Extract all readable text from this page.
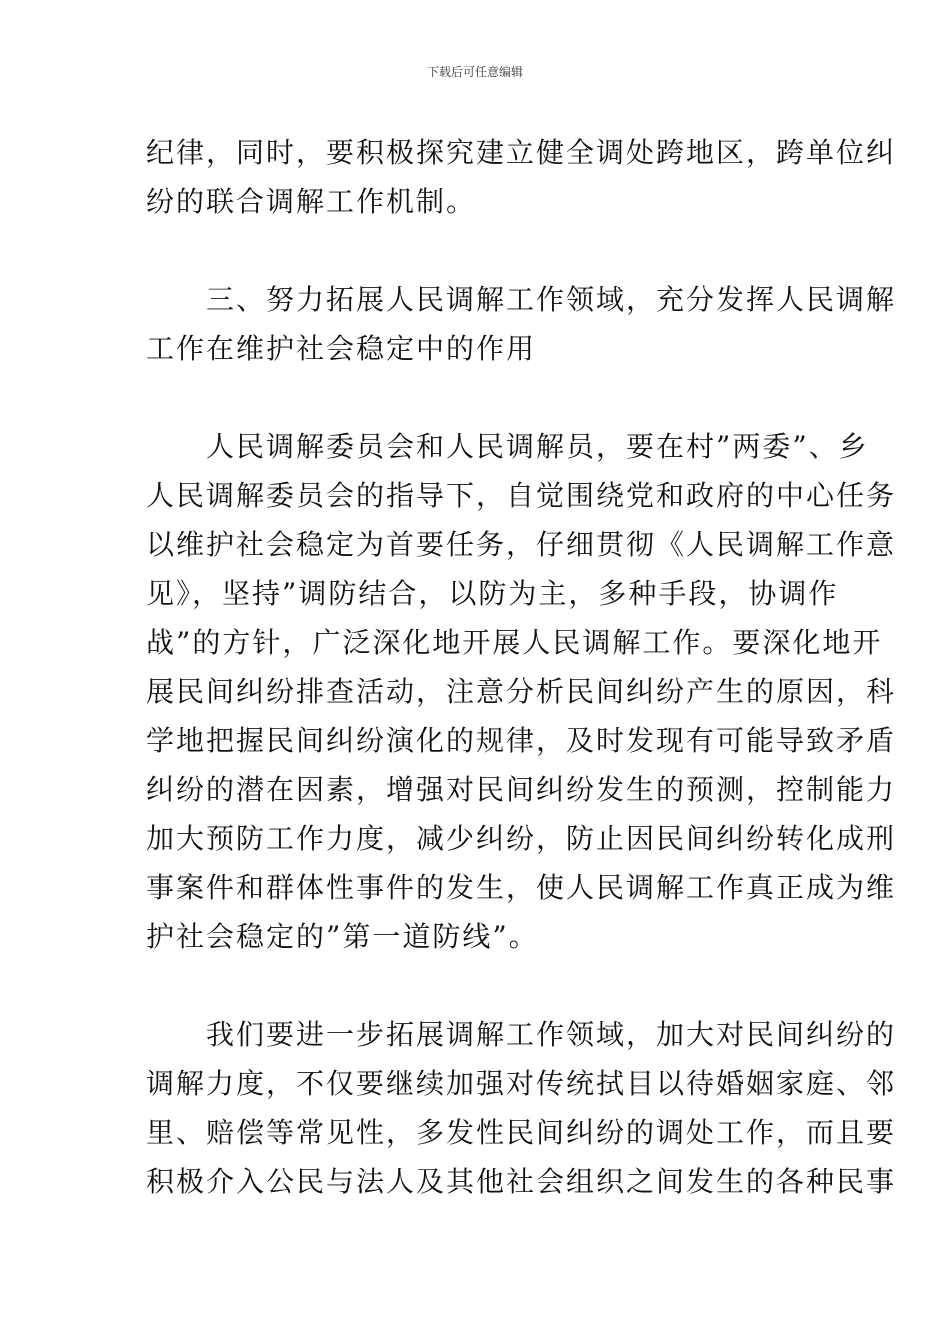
下载后可任意编辑

纪律，同时，要积极探究建立健全调处跨地区，跨单位纠
纷的联合调解工作机制。

　　三、努力拓展人民调解工作领域，充分发挥人民调解
工作在维护社会稳定中的作用

　　人民调解委员会和人民调解员，要在村”两委”、乡
人民调解委员会的指导下，自觉围绕党和政府的中心任务
以维护社会稳定为首要任务，仔细贯彻《人民调解工作意
见》，坚持”调防结合，以防为主，多种手段，协调作
战”的方针，广泛深化地开展人民调解工作。要深化地开
展民间纠纷排查活动，注意分析民间纠纷产生的原因，科
学地把握民间纠纷演化的规律，及时发现有可能导致矛盾
纠纷的潜在因素，增强对民间纠纷发生的预测，控制能力
加大预防工作力度，减少纠纷，防止因民间纠纷转化成刑
事案件和群体性事件的发生，使人民调解工作真正成为维
护社会稳定的”第一道防线”。

　　我们要进一步拓展调解工作领域，加大对民间纠纷的
调解力度，不仅要继续加强对传统拭目以待婚姻家庭、邻
里、赔偿等常见性，多发性民间纠纷的调处工作，而且要
积极介入公民与法人及其他社会组织之间发生的各种民事
